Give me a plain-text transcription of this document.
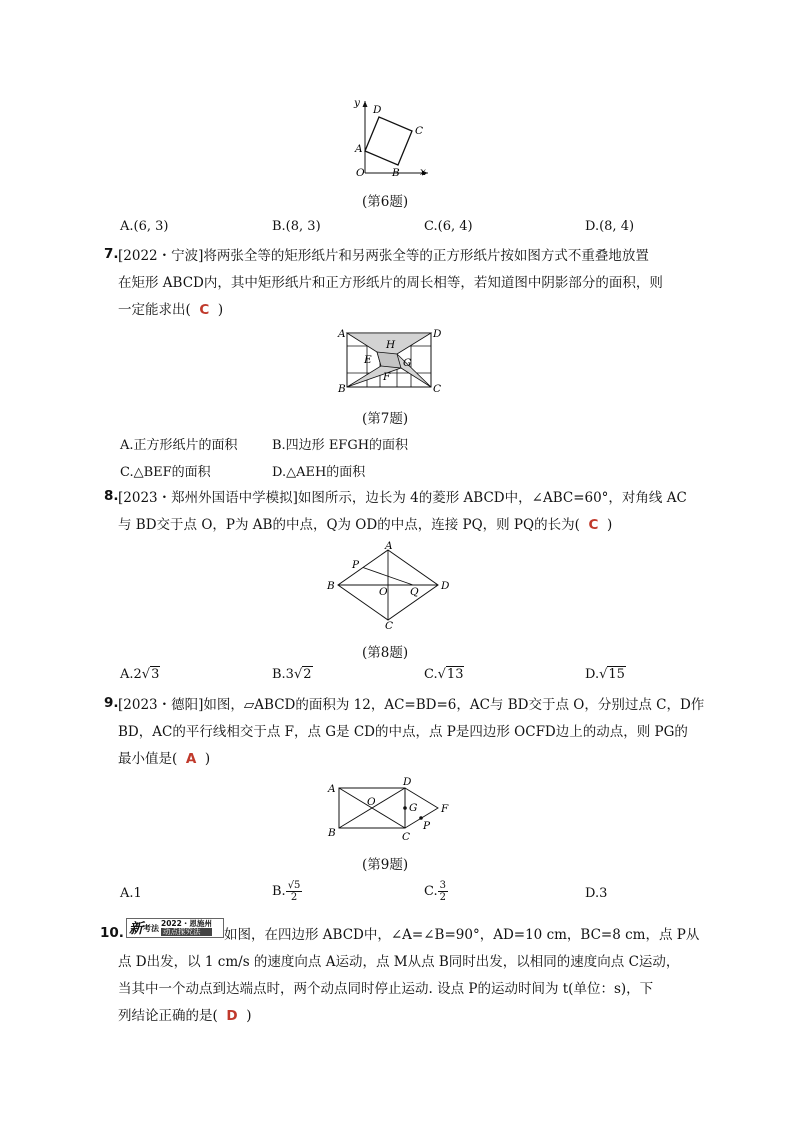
y
x
O
A
B
C
D
(第6题)
A.(6, 3)	B.(8, 3)	C.(6, 4)	D.(8, 4)
7. [2022・宁波]将两张全等的矩形纸片和另两张全等的正方形纸片按如图方式不重叠地放置
在矩形 ABCD内，其中矩形纸片和正方形纸片的周长相等，若知道图中阴影部分的面积，则
一定能求出( C )
A
B	C
D
E
F
G
H
(第7题)
A.正方形纸片的面积	B.四边形 EFGH的面积
C.△BEF的面积	D.△AEH的面积
8. [2023・郑州外国语中学模拟]如图所示，边长为 4的菱形 ABCD中，∠ABC=60°，对角线 AC
与 BD交于点 O，P为 AB的中点，Q为 OD的中点，连接 PQ，则 PQ的长为( C )
A
B
C
D
P
O Q
(第8题)
A.2√3	B.3√2	C.√13	D.√15
9. [2023・德阳]如图，▱ABCD的面积为 12，AC=BD=6，AC与 BD交于点 O，分别过点 C，D作
BD，AC的平行线相交于点 F，点 G是 CD的中点，点 P是四边形 OCFD边上的动点，则 PG的
最小值是( A )
A
B	C
D
O	G F
P
(第9题)
A.1	B. $\frac{√5}{2}$	C. $\frac{3}{2}$	D.3
10. 新 考法 2022・恩施州
动点探究法	如图，在四边形 ABCD中，∠A=∠B=90°，AD=10 cm，BC=8 cm，点 P从
点 D出发，以 1 cm/s 的速度向点 A运动，点 M从点 B同时出发，以相同的速度向点 C运动，
当其中一个动点到达端点时，两个动点同时停止运动. 设点 P的运动时间为 t(单位：s)，下
列结论正确的是( D )
